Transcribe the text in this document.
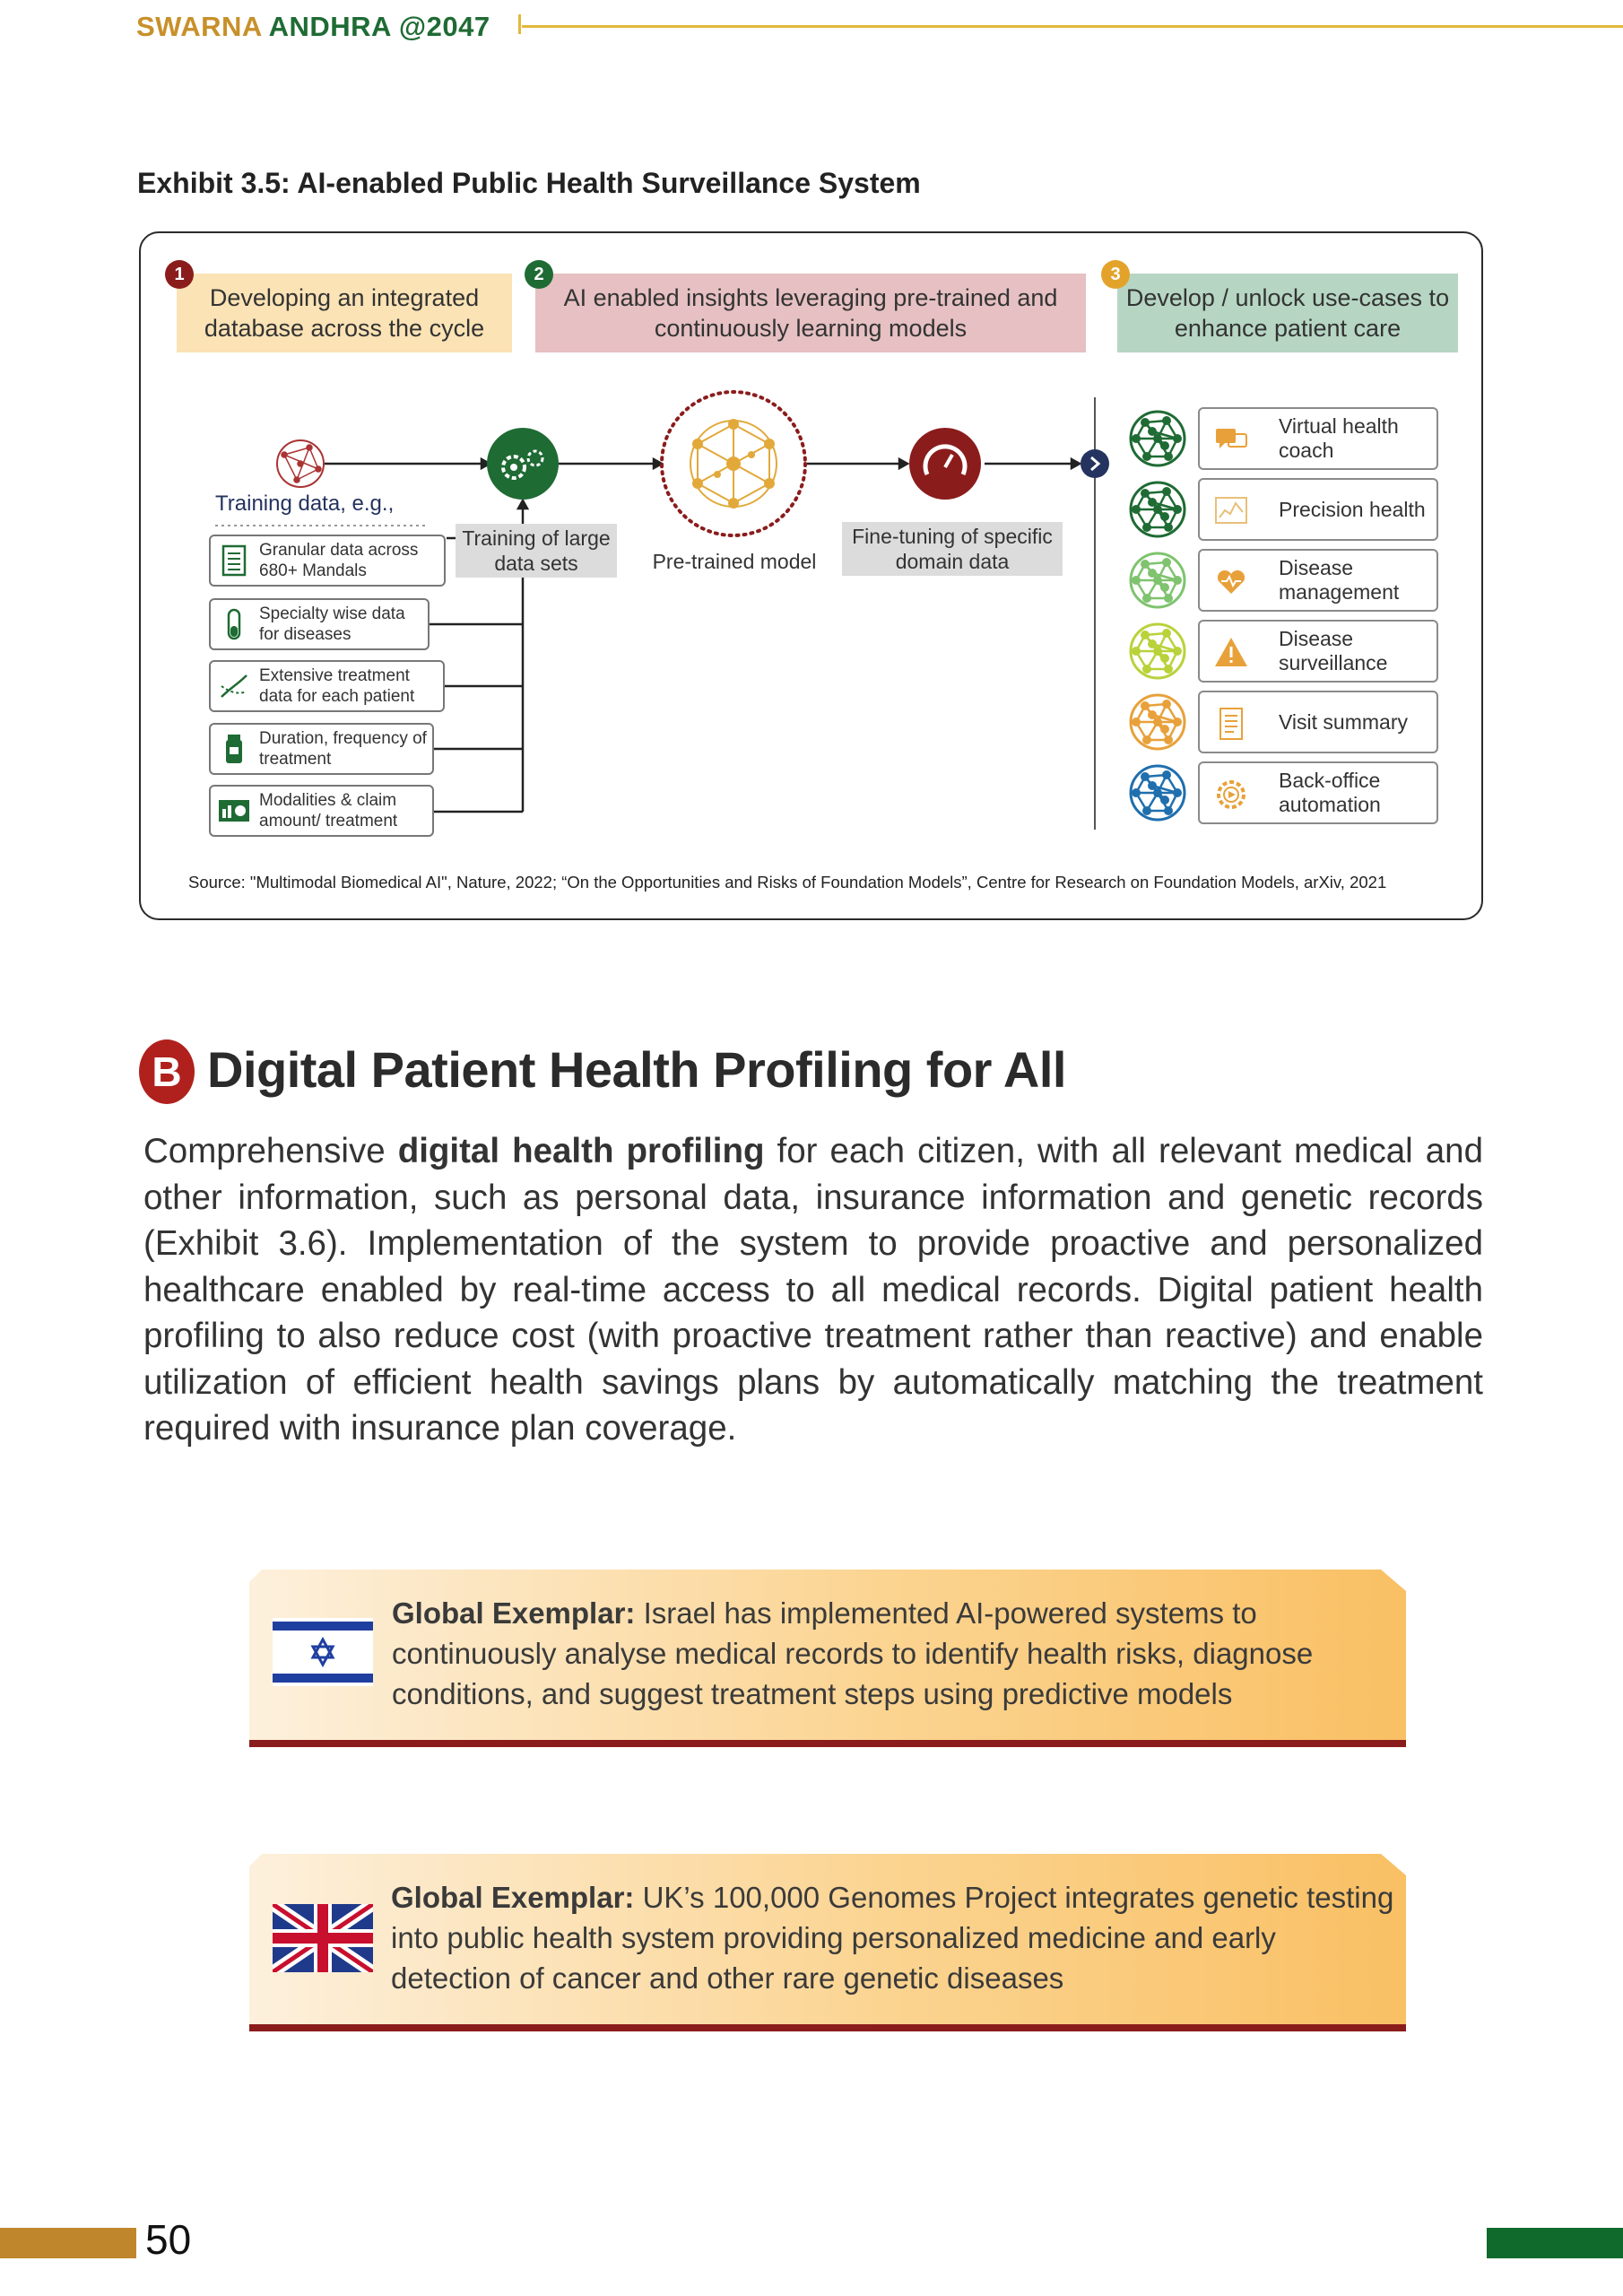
SWARNA ANDHRA @2047
Exhibit 3.5: AI-enabled Public Health Surveillance System
Developing an integrated database across the cycle
AI enabled insights leveraging pre-trained and continuously learning models
Develop / unlock use-cases to enhance patient care
1	2	3
Training data, e.g.,
Training of large data sets	Pre-trained model
Fine-tuning of specific domain data
Granular data across 680+ Mandals
Specialty wise data for diseases
Extensive treatment data for each patient
Duration, frequency of treatment
Modalities & claim amount/ treatment
Virtual health coach
Precision health
Disease management
Disease surveillance
Visit summary
Back-office automation
Source: "Multimodal Biomedical AI", Nature, 2022; “On the Opportunities and Risks of Foundation Models”, Centre for Research on Foundation Models, arXiv, 2021
B Digital Patient Health Profiling for All

Comprehensive digital health profiling for each citizen, with all relevant medical and other information, such as personal data, insurance information and genetic records (Exhibit 3.6). Implementation of the system to provide proactive and personalized healthcare enabled by real-time access to all medical records. Digital patient health profiling to also reduce cost (with proactive treatment rather than reactive) and enable utilization of efficient health savings plans by automatically matching the treatment required with insurance plan coverage.

Global Exemplar: Israel has implemented AI-powered systems to continuously analyse medical records to identify health risks, diagnose conditions, and suggest treatment steps using predictive models
Global Exemplar: UK’s 100,000 Genomes Project integrates genetic testing into public health system providing personalized medicine and early detection of cancer and other rare genetic diseases
50
